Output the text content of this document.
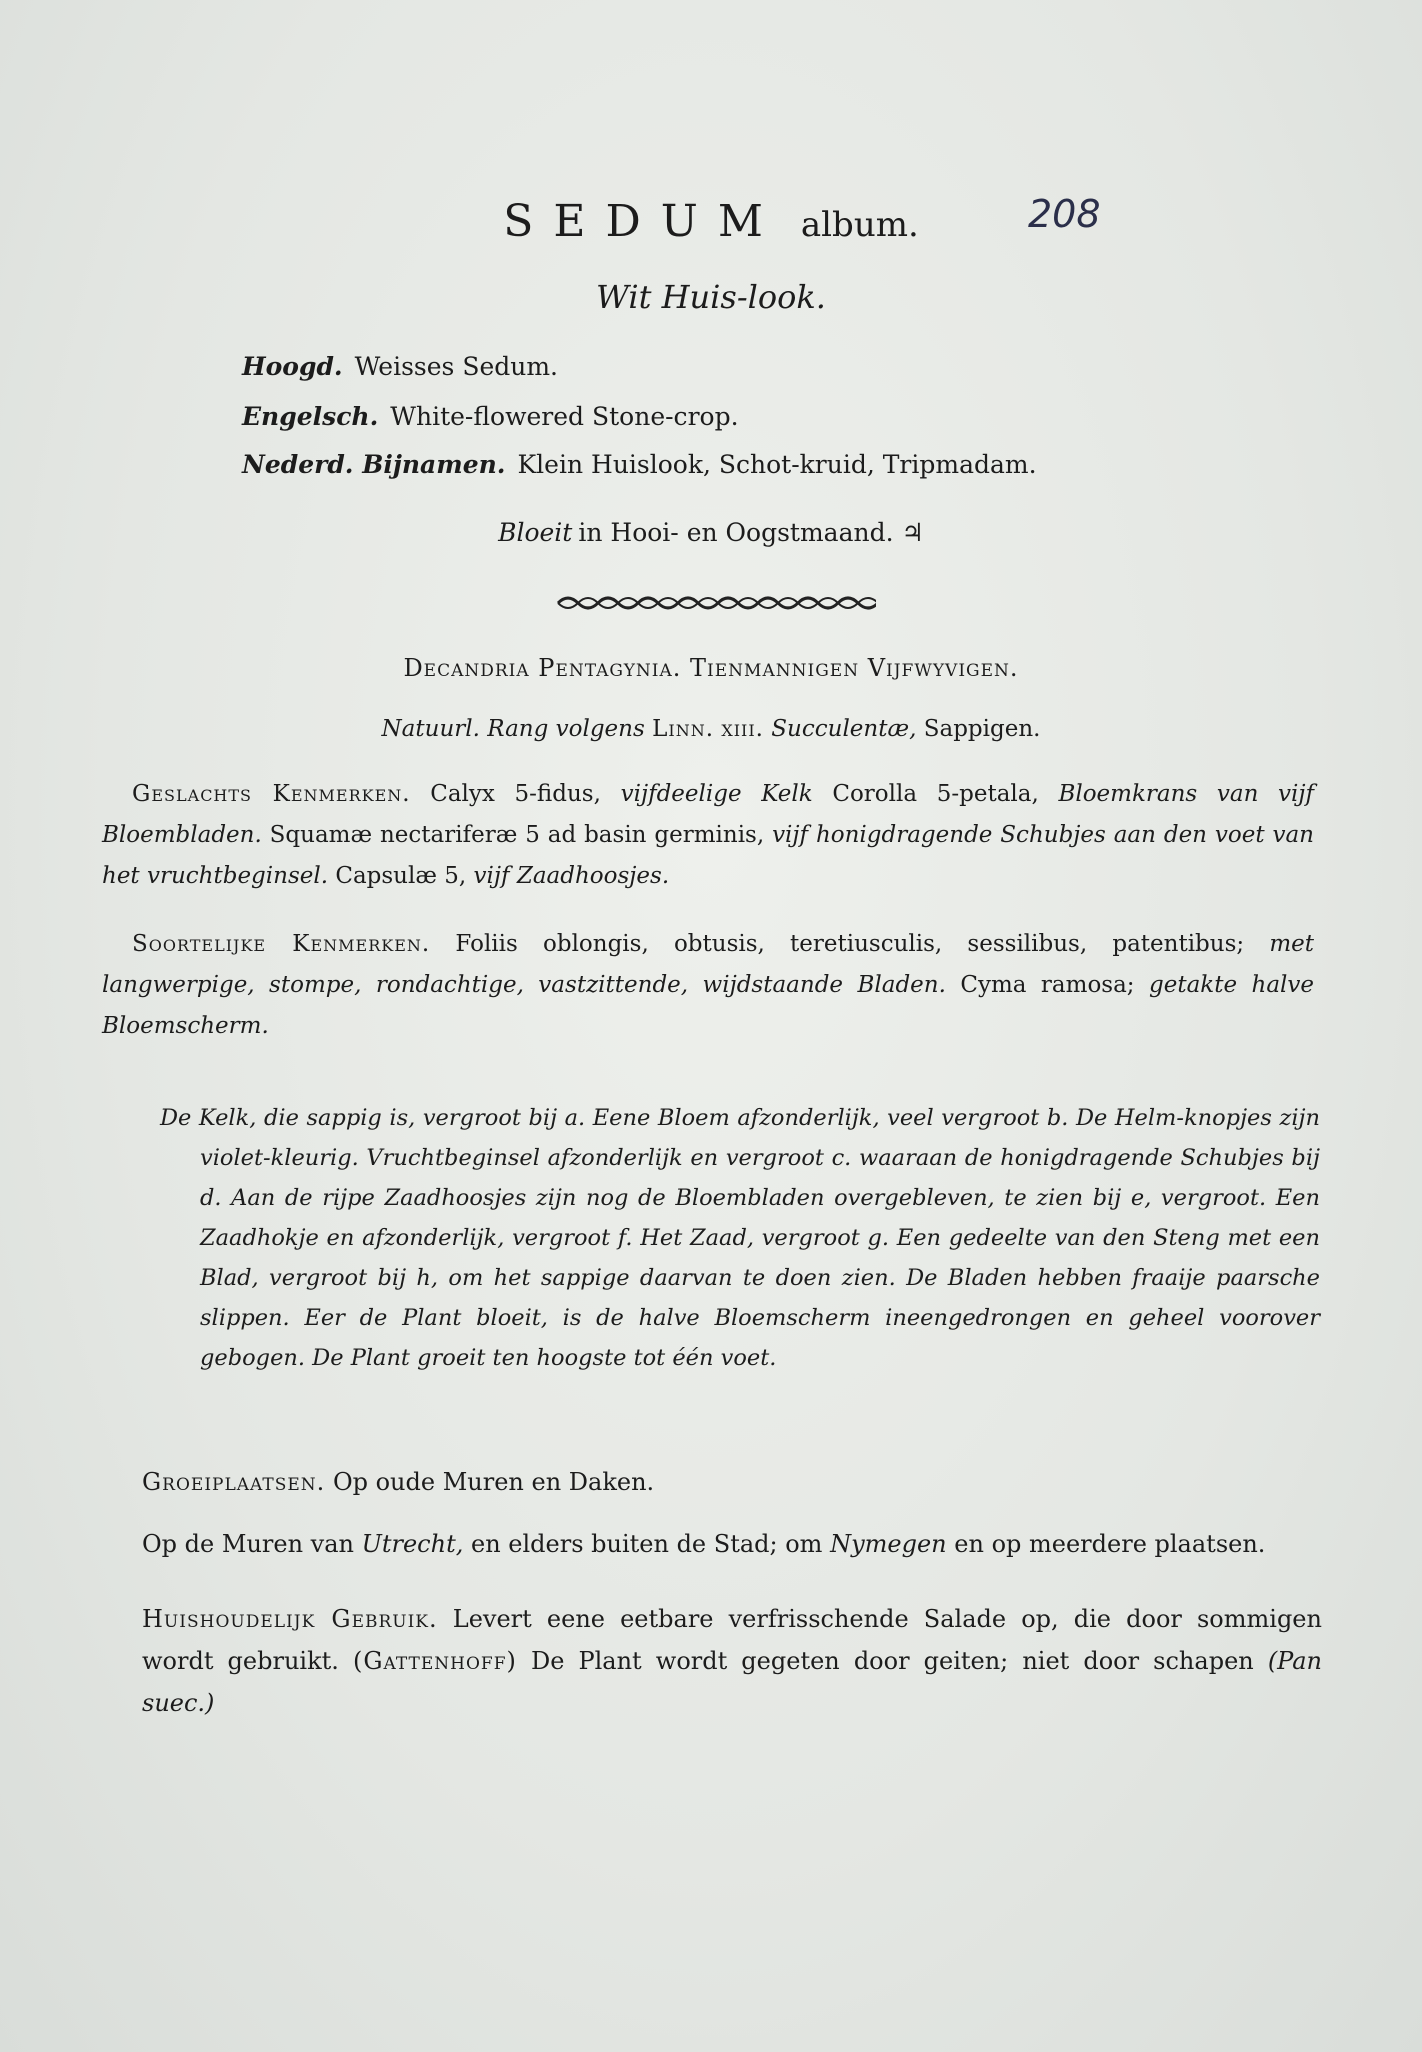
208
SEDUM album.
Wit Huis-look.
Hoogd. Weisses Sedum.
Engelsch. White-flowered Stone-crop.
Nederd. Bijnamen. Klein Huislook, Schot-kruid, Tripmadam.
Bloeit in Hooi- en Oogstmaand. ♃
Decandria Pentagynia. Tienmannigen Vijfwyvigen.
Natuurl. Rang volgens Linn. xiii. Succulentæ, Sappigen.
Geslachts Kenmerken. Calyx 5-fidus, vijfdeelige Kelk Corolla 5-petala, Bloemkrans van vijf Bloembladen. Squamæ nectariferæ 5 ad basin germinis, vijf honigdragende Schubjes aan den voet van het vruchtbeginsel. Capsulæ 5, vijf Zaadhoosjes.
Soortelijke Kenmerken. Foliis oblongis, obtusis, teretiusculis, sessilibus, patentibus; met langwerpige, stompe, rondachtige, vastzittende, wijdstaande Bladen. Cyma ramosa; getakte halve Bloemscherm.
De Kelk, die sappig is, vergroot bij a. Eene Bloem afzonderlijk, veel vergroot b. De Helm-knopjes zijn violet-kleurig. Vruchtbeginsel afzonderlijk en vergroot c. waaraan de honigdragende Schubjes bij d. Aan de rijpe Zaadhoosjes zijn nog de Bloembladen overgebleven, te zien bij e, vergroot. Een Zaadhokje en afzonderlijk, vergroot f. Het Zaad, vergroot g. Een gedeelte van den Steng met een Blad, vergroot bij h, om het sappige daarvan te doen zien. De Bladen hebben fraaije paarsche slippen. Eer de Plant bloeit, is de halve Bloemscherm ineengedrongen en geheel voorover gebogen. De Plant groeit ten hoogste tot één voet.
Groeiplaatsen. Op oude Muren en Daken.
Op de Muren van Utrecht, en elders buiten de Stad; om Nymegen en op meerdere plaatsen.
Huishoudelijk Gebruik. Levert eene eetbare verfrisschende Salade op, die door sommigen wordt gebruikt. (Gattenhoff) De Plant wordt gegeten door geiten; niet door schapen (Pan suec.)
